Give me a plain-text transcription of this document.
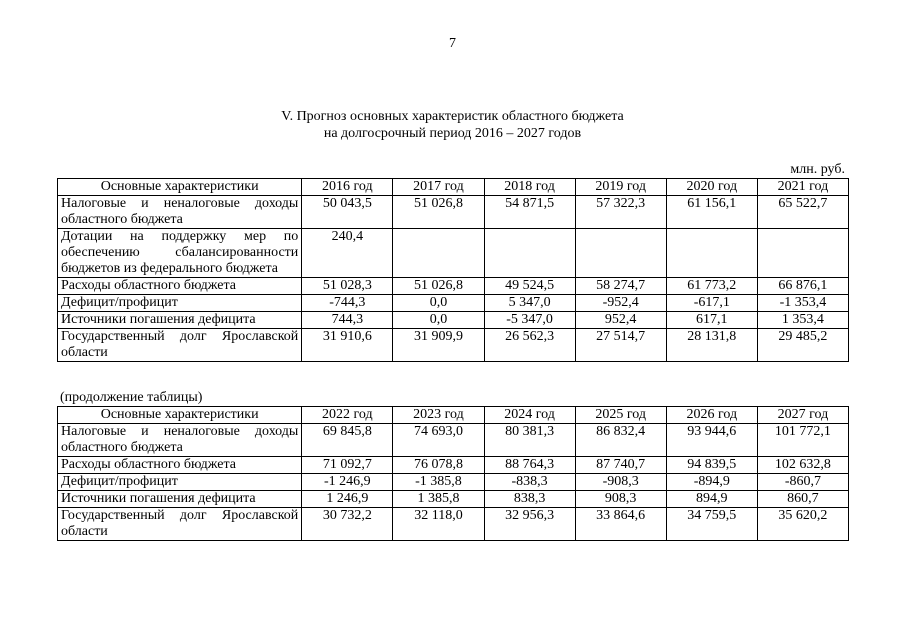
7
V. Прогноз основных характеристик областного бюджета
на долгосрочный период 2016 – 2027 годов
млн. руб.
Основные характеристики	2016 год	2017 год	2018 год	2019 год	2020 год	2021 год
Налоговые и неналоговые доходы областного бюджета	50 043,5	51 026,8	54 871,5	57 322,3	61 156,1	65 522,7
Дотации на поддержку мер по обеспечению сбалансированности бюджетов из федерального бюджета	240,4					
Расходы областного бюджета	51 028,3	51 026,8	49 524,5	58 274,7	61 773,2	66 876,1
Дефицит/профицит	-744,3	0,0	5 347,0	-952,4	-617,1	-1 353,4
Источники погашения дефицита	744,3	0,0	-5 347,0	952,4	617,1	1 353,4
Государственный долг Ярославской области	31 910,6	31 909,9	26 562,3	27 514,7	28 131,8	29 485,2
(продолжение таблицы)
Основные характеристики	2022 год	2023 год	2024 год	2025 год	2026 год	2027 год
Налоговые и неналоговые доходы областного бюджета	69 845,8	74 693,0	80 381,3	86 832,4	93 944,6	101 772,1
Расходы областного бюджета	71 092,7	76 078,8	88 764,3	87 740,7	94 839,5	102 632,8
Дефицит/профицит	-1 246,9	-1 385,8	-838,3	-908,3	-894,9	-860,7
Источники погашения дефицита	1 246,9	1 385,8	838,3	908,3	894,9	860,7
Государственный долг Ярославской области	30 732,2	32 118,0	32 956,3	33 864,6	34 759,5	35 620,2
